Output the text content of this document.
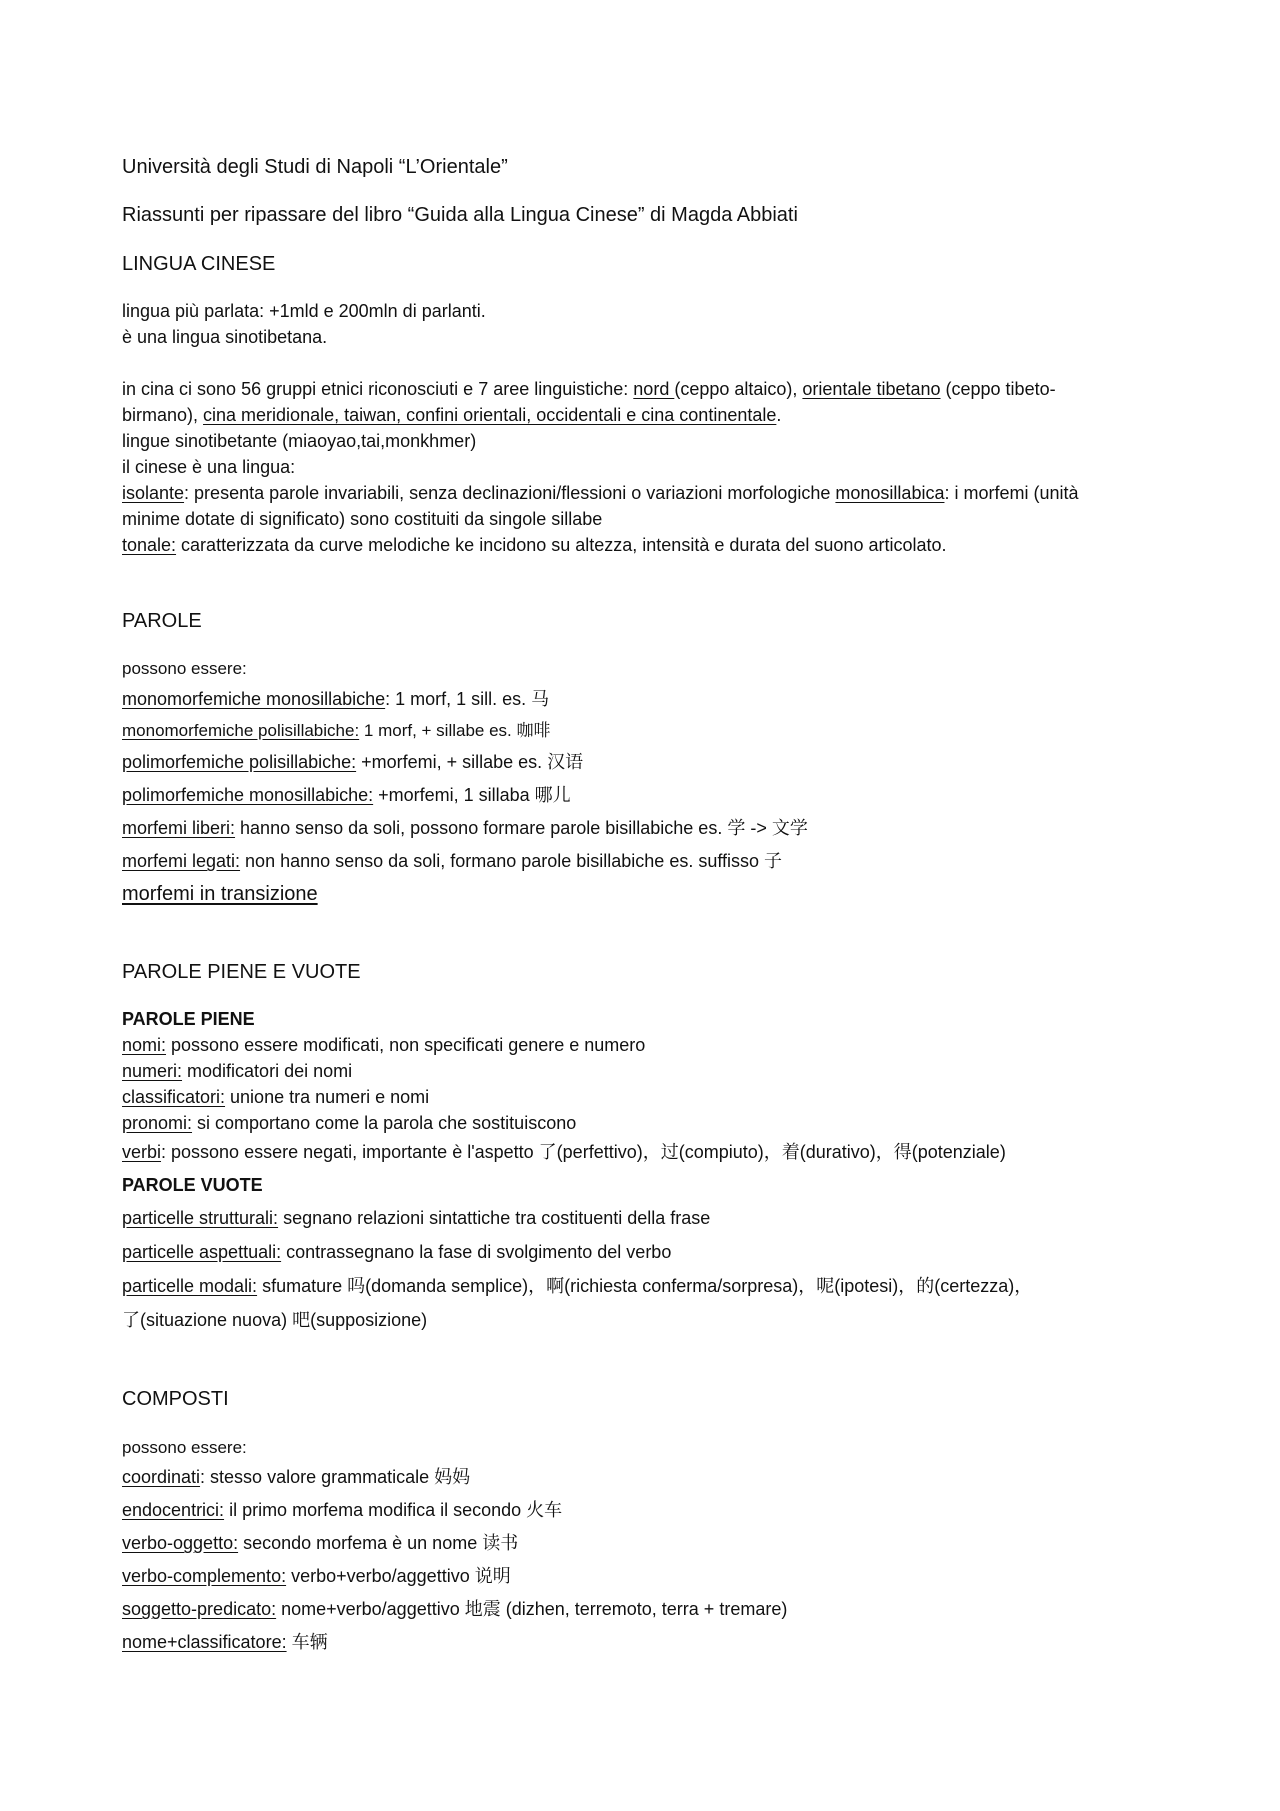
Università degli Studi di Napoli “L’Orientale”
Riassunti per ripassare del libro “Guida alla Lingua Cinese” di Magda Abbiati
LINGUA CINESE
lingua più parlata: +1mld e 200mln di parlanti.
è una lingua sinotibetana.
in cina ci sono 56 gruppi etnici riconosciuti e 7 aree linguistiche: nord (ceppo altaico), orientale tibetano (ceppo tibeto-
birmano), cina meridionale, taiwan, confini orientali, occidentali e cina continentale.
lingue sinotibetante (miaoyao,tai,monkhmer)
il cinese è una lingua:
isolante: presenta parole invariabili, senza declinazioni/flessioni o variazioni morfologiche monosillabica: i morfemi (unità
minime dotate di significato) sono costituiti da singole sillabe
tonale: caratterizzata da curve melodiche ke incidono su altezza, intensità e durata del suono articolato.
PAROLE
possono essere:
monomorfemiche monosillabiche: 1 morf, 1 sill. es. 马
monomorfemiche polisillabiche: 1 morf, + sillabe es. 咖啡
polimorfemiche polisillabiche: +morfemi, + sillabe es. 汉语
polimorfemiche monosillabiche: +morfemi, 1 sillaba 哪儿
morfemi liberi: hanno senso da soli, possono formare parole bisillabiche es. 学 -> 文学
morfemi legati: non hanno senso da soli, formano parole bisillabiche es. suffisso 子
morfemi in transizione
PAROLE PIENE E VUOTE
PAROLE PIENE
nomi: possono essere modificati, non specificati genere e numero
numeri: modificatori dei nomi
classificatori: unione tra numeri e nomi
pronomi: si comportano come la parola che sostituiscono
verbi: possono essere negati, importante è l'aspetto 了(perfettivo)，过(compiuto)，着(durativo)，得(potenziale)
PAROLE VUOTE
particelle strutturali: segnano relazioni sintattiche tra costituenti della frase
particelle aspettuali: contrassegnano la fase di svolgimento del verbo
particelle modali: sfumature 吗(domanda semplice)，啊(richiesta conferma/sorpresa)，呢(ipotesi)，的(certezza)，
了(situazione nuova) 吧(supposizione)
COMPOSTI
possono essere:
coordinati: stesso valore grammaticale 妈妈
endocentrici: il primo morfema modifica il secondo 火车
verbo-oggetto: secondo morfema è un nome 读书
verbo-complemento: verbo+verbo/aggettivo 说明
soggetto-predicato: nome+verbo/aggettivo 地震 (dizhen, terremoto, terra + tremare)
nome+classificatore: 车辆
